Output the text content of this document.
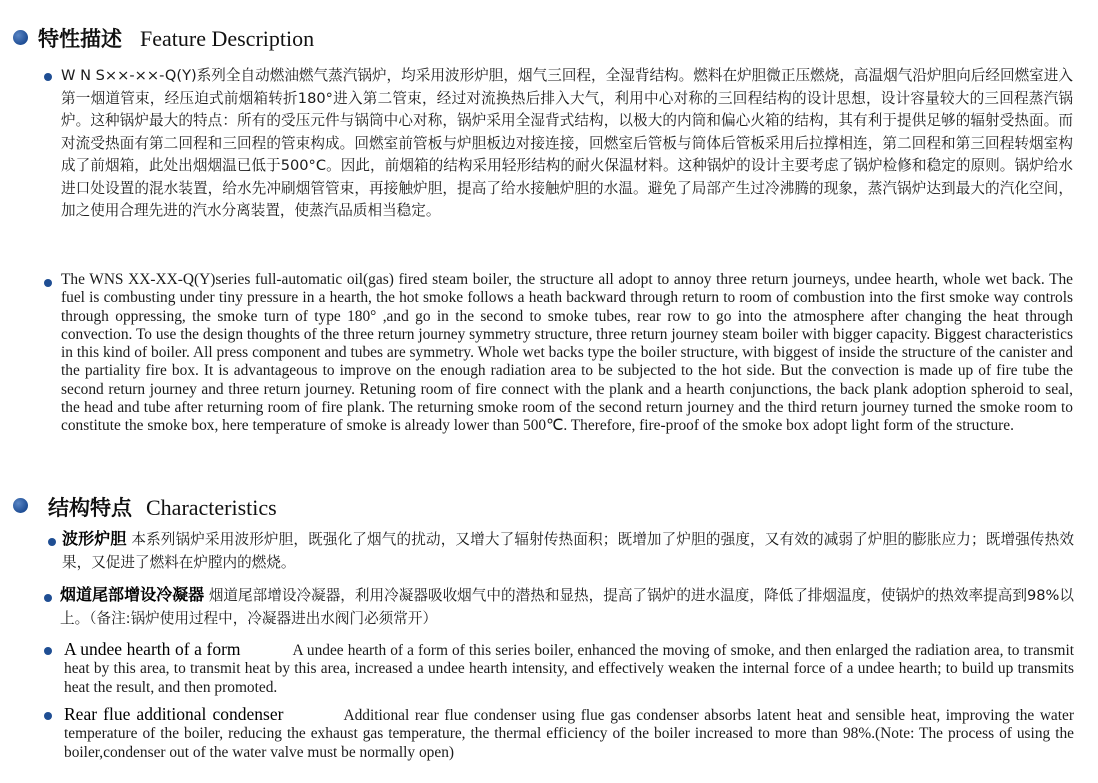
特性描述 Feature Description
W N S××-××-Q(Y)系列全自动燃油燃气蒸汽锅炉，均采用波形炉胆，烟气三回程，全湿背结构。燃料在炉胆微正压燃烧，高温烟气沿炉胆向后经回燃室进入第一烟道管束，经压迫式前烟箱转折180°进入第二管束，经过对流换热后排入大气，利用中心对称的三回程结构的设计思想，设计容量较大的三回程蒸汽锅炉。这种锅炉最大的特点：所有的受压元件与锅筒中心对称，锅炉采用全湿背式结构，以极大的内筒和偏心火箱的结构，其有利于提供足够的辐射受热面。而对流受热面有第二回程和三回程的管束构成。回燃室前管板与炉胆板边对接连接，回燃室后管板与筒体后管板采用后拉撑相连，第二回程和第三回程转烟室构成了前烟箱，此处出烟烟温已低于500°C。因此，前烟箱的结构采用轻形结构的耐火保温材料。这种锅炉的设计主要考虑了锅炉检修和稳定的原则。锅炉给水进口处设置的混水装置，给水先冲刷烟管管束，再接触炉胆，提高了给水接触炉胆的水温。避免了局部产生过冷沸腾的现象，蒸汽锅炉达到最大的汽化空间，加之使用合理先进的汽水分离装置，使蒸汽品质相当稳定。
The WNS XX-XX-Q(Y)series full-automatic oil(gas) fired steam boiler, the structure all adopt to annoy three return journeys, undee hearth, whole wet back. The fuel is combusting under tiny pressure in a hearth, the hot smoke follows a heath backward through return to room of combustion into the first smoke way controls through oppressing, the smoke turn of type 180° ,and go in the second to smoke tubes, rear row to go into the atmosphere after changing the heat through convection. To use the design thoughts of the three return journey symmetry structure, three return journey steam boiler with bigger capacity. Biggest characteristics in this kind of boiler. All press component and tubes are symmetry. Whole wet backs type the boiler structure, with biggest of inside the structure of the canister and the partiality fire box. It is advantageous to improve on the enough radiation area to be subjected to the hot side. But the convection is made up of fire tube the second return journey and three return journey. Retuning room of fire connect with the plank and a hearth conjunctions, the back plank adoption spheroid to seal, the head and tube after returning room of fire plank. The returning smoke room of the second return journey and the third return journey turned the smoke room to constitute the smoke box, here temperature of smoke is already lower than 500℃. Therefore, fire-proof of the smoke box adopt light form of the structure.
结构特点 Characteristics
波形炉胆 本系列锅炉采用波形炉胆，既强化了烟气的扰动，又增大了辐射传热面积；既增加了炉胆的强度，又有效的减弱了炉胆的膨胀应力；既增强传热效果，又促进了燃料在炉膛内的燃烧。
烟道尾部增设冷凝器 烟道尾部增设冷凝器，利用冷凝器吸收烟气中的潜热和显热，提高了锅炉的进水温度，降低了排烟温度，使锅炉的热效率提高到98%以上。（备注:锅炉使用过程中，冷凝器进出水阀门必须常开）
A undee hearth of a form	A undee hearth of a form of this series boiler, enhanced the moving of smoke, and then enlarged the radiation area, to transmit heat by this area, to transmit heat by this area, increased a undee hearth intensity, and effectively weaken the internal force of a undee hearth; to build up transmits heat the result, and then promoted.
Rear flue additional condenser	Additional rear flue condenser using flue gas condenser absorbs latent heat and sensible heat, improving the water temperature of the boiler, reducing the exhaust gas temperature, the thermal efficiency of the boiler increased to more than 98%.(Note: The process of using the boiler,condenser out of the water valve must be normally open)
